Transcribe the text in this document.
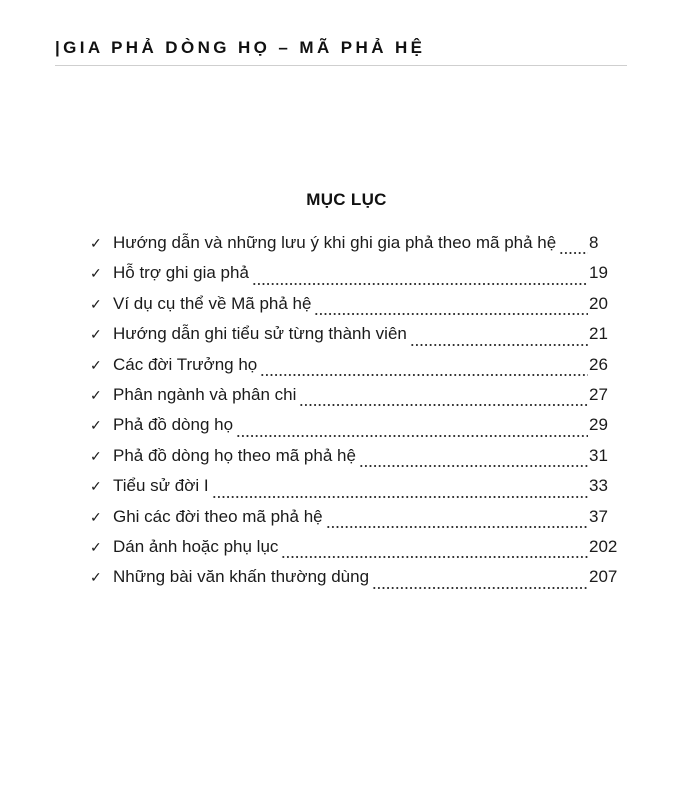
|GIA PHẢ DÒNG HỌ – MÃ PHẢ HỆ
MỤC LỤC
✓ Hướng dẫn và những lưu ý khi ghi gia phả theo mã phả hệ 8
✓ Hỗ trợ ghi gia phả	19
✓ Ví dụ cụ thể về Mã phả hệ	20
✓ Hướng dẫn ghi tiểu sử từng thành viên	21
✓ Các đời Trưởng họ	26
✓ Phân ngành và phân chi	27
✓ Phả đồ dòng họ	29
✓ Phả đồ dòng họ theo mã phả hệ	31
✓ Tiểu sử đời I	33
✓ Ghi các đời theo mã phả hệ	37
✓ Dán ảnh hoặc phụ lục	202
✓ Những bài văn khấn thường dùng	207
